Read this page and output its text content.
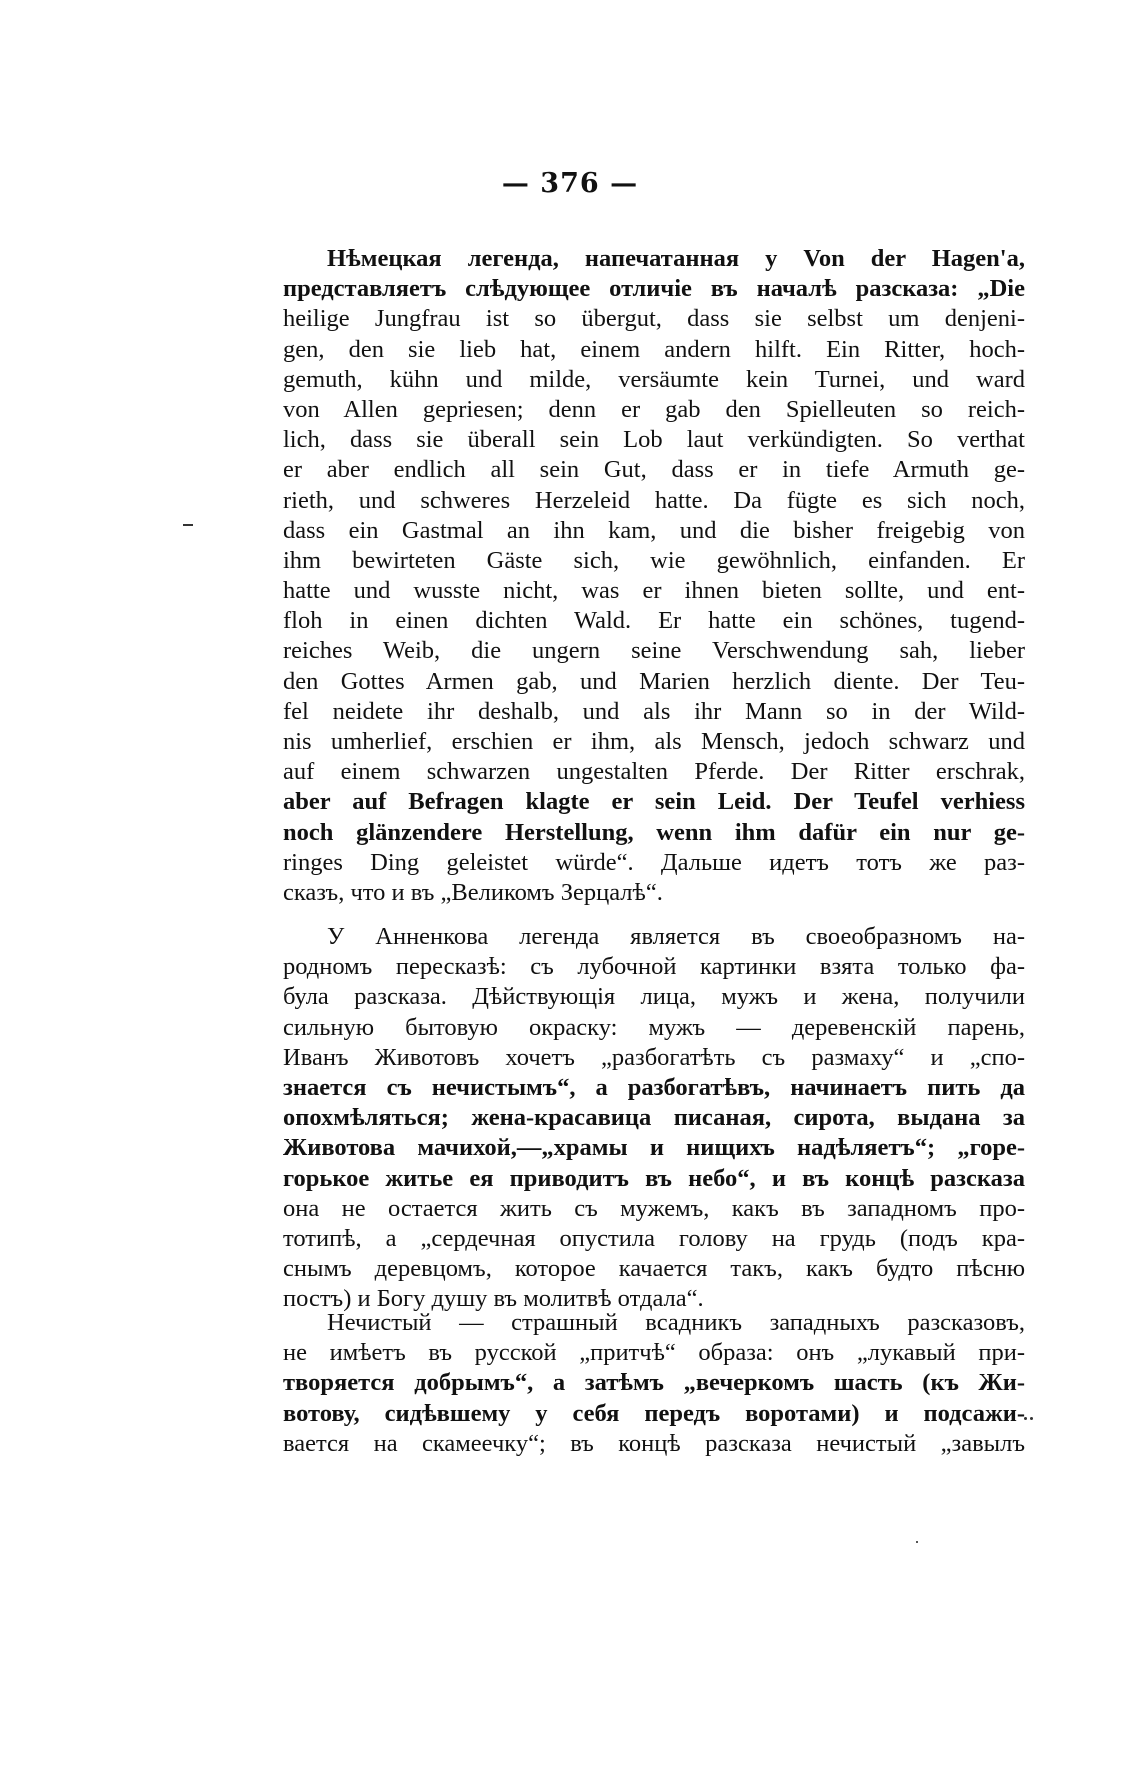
— 376 —
Нѣмецкая легенда, напечатанная у Von der Hagen'a,
представляетъ слѣдующее отличіе въ началѣ разсказа: „Die
heilige Jungfrau ist so übergut, dass sie selbst um denjeni-
gen, den sie lieb hat, einem andern hilft. Ein Ritter, hoch-
gemuth, kühn und milde, versäumte kein Turnei, und ward
von Allen gepriesen; denn er gab den Spielleuten so reich-
lich, dass sie überall sein Lob laut verkündigten. So verthat
er aber endlich all sein Gut, dass er in tiefe Armuth ge-
rieth, und schweres Herzeleid hatte. Da fügte es sich noch,
dass ein Gastmal an ihn kam, und die bisher freigebig von
ihm bewirteten Gäste sich, wie gewöhnlich, einfanden. Er
hatte und wusste nicht, was er ihnen bieten sollte, und ent-
floh in einen dichten Wald. Er hatte ein schönes, tugend-
reiches Weib, die ungern seine Verschwendung sah, lieber
den Gottes Armen gab, und Marien herzlich diente. Der Teu-
fel neidete ihr deshalb, und als ihr Mann so in der Wild-
nis umherlief, erschien er ihm, als Mensch, jedoch schwarz und
auf einem schwarzen ungestalten Pferde. Der Ritter erschrak,
aber auf Befragen klagte er sein Leid. Der Teufel verhiess
noch glänzendere Herstellung, wenn ihm dafür ein nur ge-
ringes Ding geleistet würde“. Дальше идетъ тотъ же раз-
сказъ, что и въ „Великомъ Зерцалѣ“.
У Анненкова легенда является въ своеобразномъ на-
родномъ пересказѣ: съ лубочной картинки взята только фа-
була разсказа. Дѣйствующія лица, мужъ и жена, получили
сильную бытовую окраску: мужъ — деревенскій парень,
Иванъ Животовъ хочетъ „разбогатѣть съ размаху“ и „спо-
знается съ нечистымъ“, а разбогатѣвъ, начинаетъ пить да
опохмѣляться; жена-красавица писаная, сирота, выдана за
Животова мачихой,—„храмы и нищихъ надѣляетъ“; „горе-
горькое житье ея приводитъ въ небо“, и въ концѣ разсказа
она не остается жить съ мужемъ, какъ въ западномъ про-
тотипѣ, а „сердечная опустила голову на грудь (подъ кра-
снымъ деревцомъ, которое качается такъ, какъ будто пѣсню
постъ) и Богу душу въ молитвѣ отдала“.
Нечистый — страшный всадникъ западныхъ разсказовъ,
не имѣетъ въ русской „притчѣ“ образа: онъ „лукавый при-
творяется добрымъ“, а затѣмъ „вечеркомъ шасть (къ Жи-
вотову, сидѣвшему у себя передъ воротами) и подсажи-
вается на скамеечку“; въ концѣ разсказа нечистый „завылъ
